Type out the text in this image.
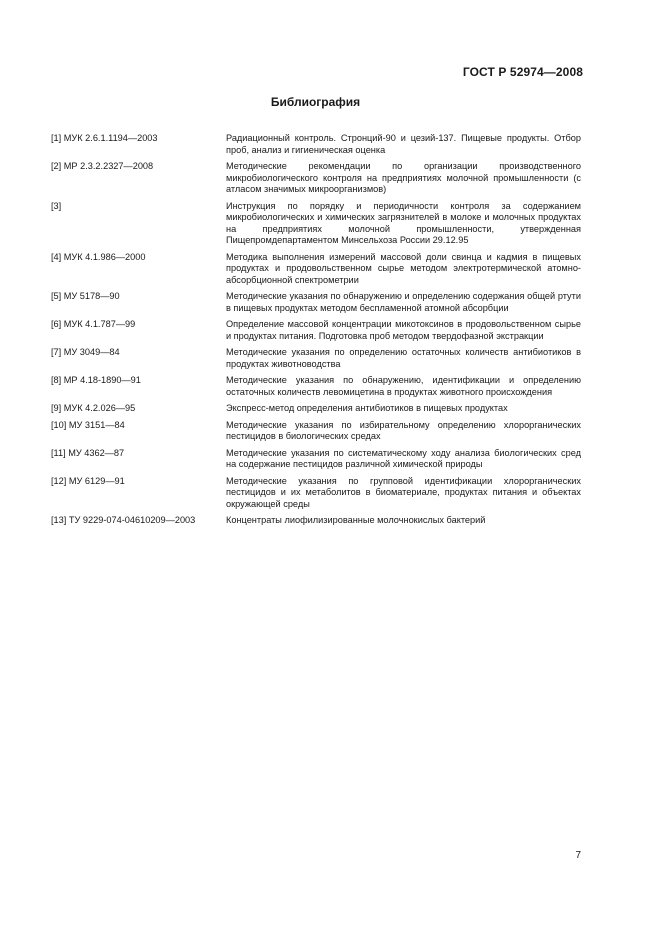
ГОСТ Р 52974—2008
Библиография
[1] МУК 2.6.1.1194—2003	Радиационный контроль. Стронций-90 и цезий-137. Пищевые продукты. Отбор проб, анализ и гигиеническая оценка
[2] МР 2.3.2.2327—2008	Методические рекомендации по организации производственного микробиологического контроля на предприятиях молочной промышленности (с атласом значимых микроорганизмов)
[3]	Инструкция по порядку и периодичности контроля за содержанием микробиологических и химических загрязнителей в молоке и молочных продуктах на предприятиях молочной промышленности, утвержденная Пищепромдепартаментом Минсельхоза России 29.12.95
[4] МУК 4.1.986—2000	Методика выполнения измерений массовой доли свинца и кадмия в пищевых продуктах и продовольственном сырье методом электротермической атомно-абсорбционной спектрометрии
[5] МУ 5178—90	Методические указания по обнаружению и определению содержания общей ртути в пищевых продуктах методом беспламенной атомной абсорбции
[6] МУК 4.1.787—99	Определение массовой концентрации микотоксинов в продовольственном сырье и продуктах питания. Подготовка проб методом твердофазной экстракции
[7] МУ 3049—84	Методические указания по определению остаточных количеств антибиотиков в продуктах животноводства
[8] МР 4.18-1890—91	Методические указания по обнаружению, идентификации и определению остаточных количеств левомицетина в продуктах животного происхождения
[9] МУК 4.2.026—95	Экспресс-метод определения антибиотиков в пищевых продуктах
[10] МУ 3151—84	Методические указания по избирательному определению хлорорганических пестицидов в биологических средах
[11] МУ 4362—87	Методические указания по систематическому ходу анализа биологических сред на содержание пестицидов различной химической природы
[12] МУ 6129—91	Методические указания по групповой идентификации хлорорганических пестицидов и их метаболитов в биоматериале, продуктах питания и объектах окружающей среды
[13] ТУ 9229-074-04610209—2003	Концентраты лиофилизированные молочнокислых бактерий
7
